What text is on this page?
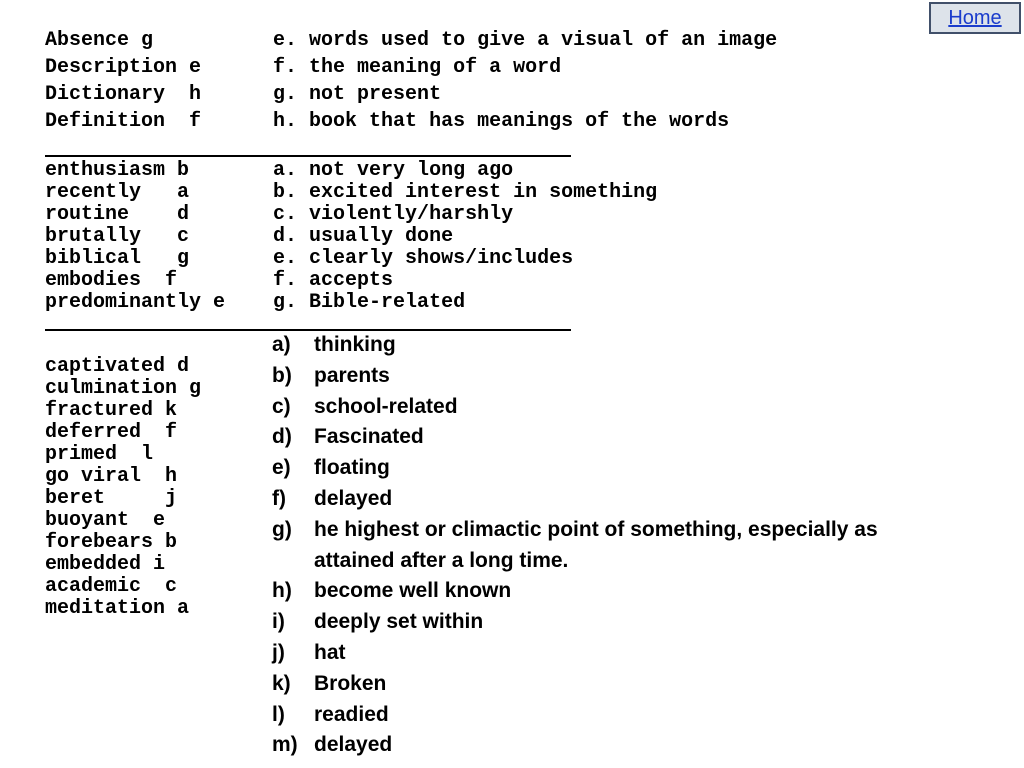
Home
Absence g          e. words used to give a visual of an image
Description e      f. the meaning of a word
Dictionary  h      g. not present
Definition  f      h. book that has meanings of the words
enthusiasm b       a. not very long ago
recently   a       b. excited interest in something
routine    d       c. violently/harshly
brutally   c       d. usually done
biblical   g       e. clearly shows/includes
embodies  f        f. accepts
predominantly e    g. Bible-related
captivated d
culmination g
fractured k
deferred  f
primed  l
go viral  h
beret     j
buoyant  e
forebears b
embedded i
academic  c
meditation a
a)	thinking
b)	parents
c)	school-related
d)	Fascinated
e)	floating
f)	delayed
g)	he highest or climactic point of something, especially as attained after a long time.
h)	become well known
i)	deeply set within
j)	hat
k)	Broken
l)	readied
m) delayed
